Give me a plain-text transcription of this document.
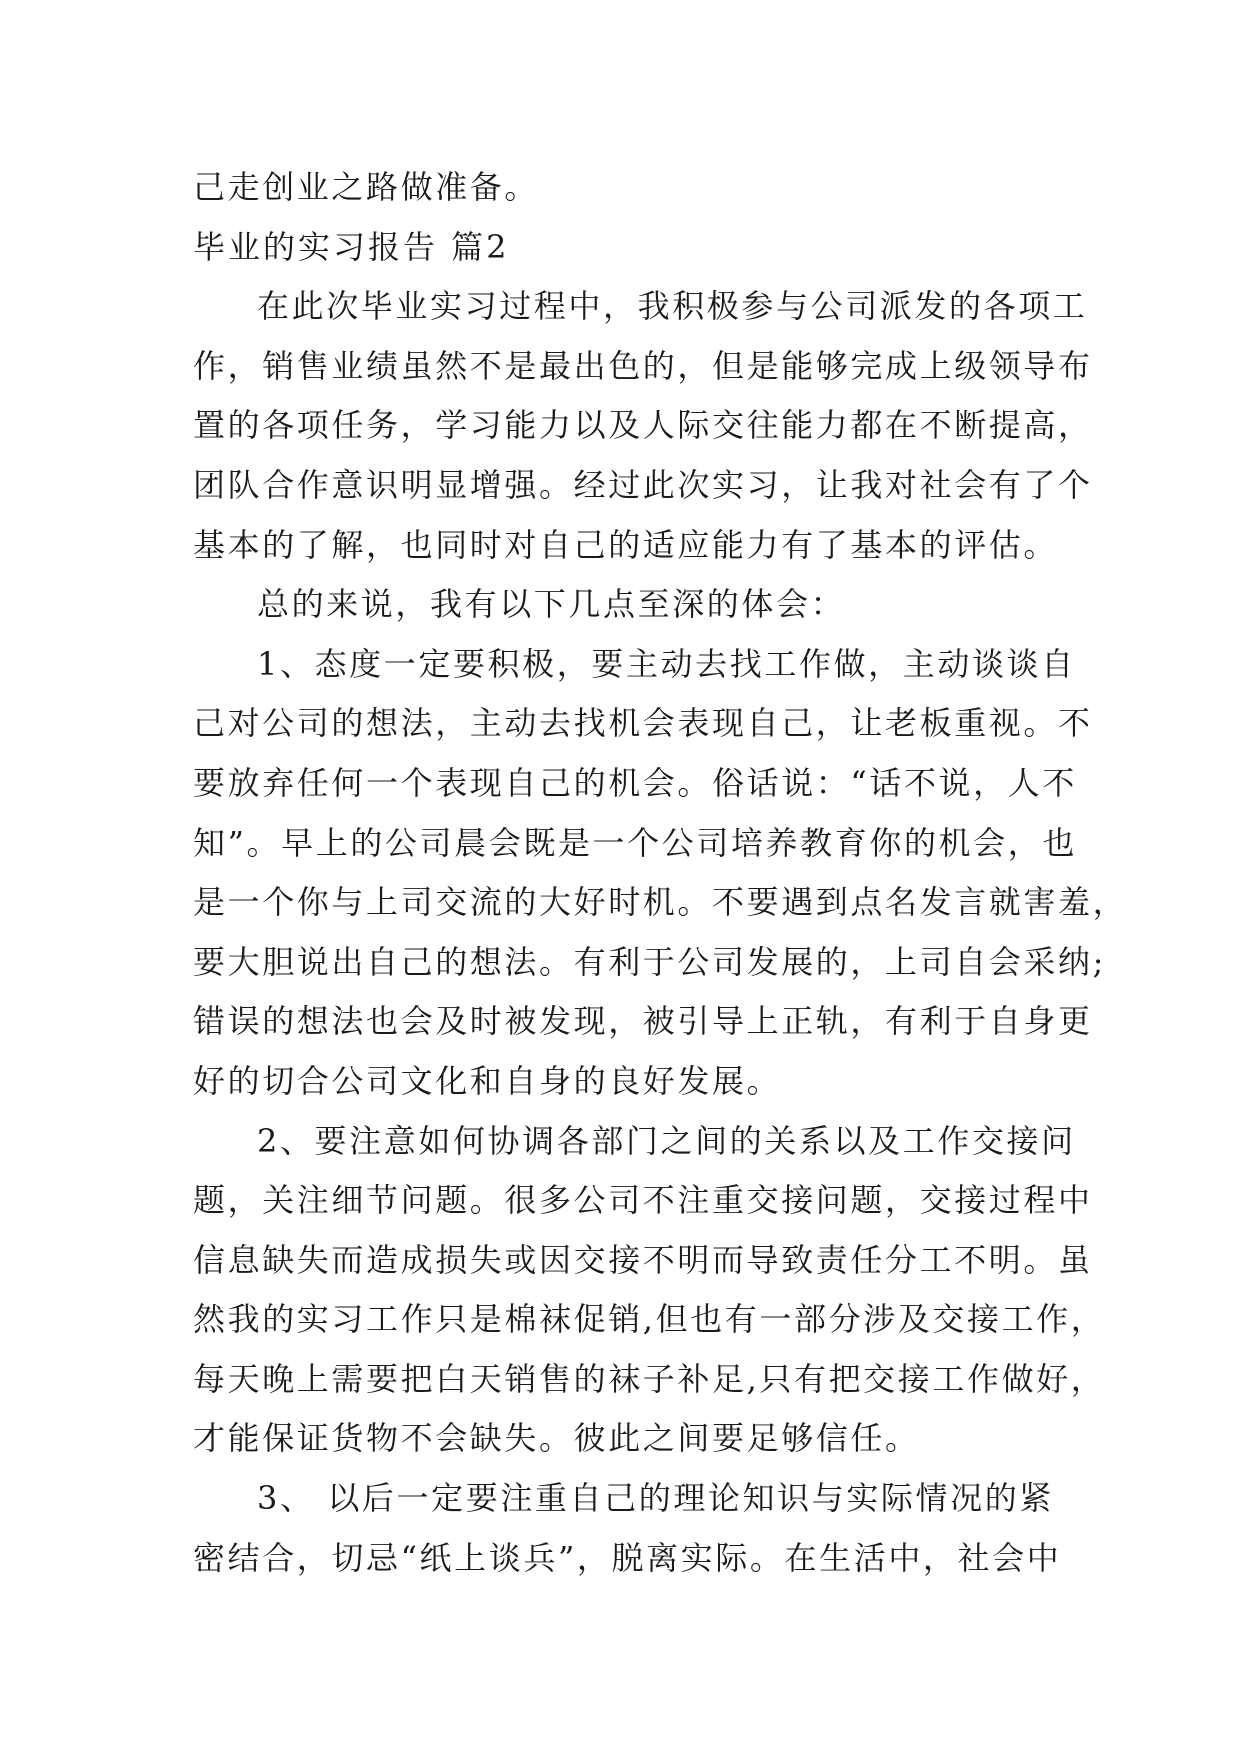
己走创业之路做准备。
毕业的实习报告 篇2
在此次毕业实习过程中，我积极参与公司派发的各项工
作，销售业绩虽然不是最出色的，但是能够完成上级领导布
置的各项任务，学习能力以及人际交往能力都在不断提高，
团队合作意识明显增强。经过此次实习，让我对社会有了个
基本的了解，也同时对自己的适应能力有了基本的评估。
总的来说，我有以下几点至深的体会：
1、态度一定要积极，要主动去找工作做，主动谈谈自
己对公司的想法，主动去找机会表现自己，让老板重视。不
要放弃任何一个表现自己的机会。俗话说：“话不说，人不
知”。早上的公司晨会既是一个公司培养教育你的机会，也
是一个你与上司交流的大好时机。不要遇到点名发言就害羞，
要大胆说出自己的想法。有利于公司发展的，上司自会采纳;
错误的想法也会及时被发现，被引导上正轨，有利于自身更
好的切合公司文化和自身的良好发展。
2、要注意如何协调各部门之间的关系以及工作交接问
题，关注细节问题。很多公司不注重交接问题，交接过程中
信息缺失而造成损失或因交接不明而导致责任分工不明。虽
然我的实习工作只是棉袜促销,但也有一部分涉及交接工作，
每天晚上需要把白天销售的袜子补足,只有把交接工作做好，
才能保证货物不会缺失。彼此之间要足够信任。
3、 以后一定要注重自己的理论知识与实际情况的紧
密结合，切忌“纸上谈兵”，脱离实际。在生活中，社会中
